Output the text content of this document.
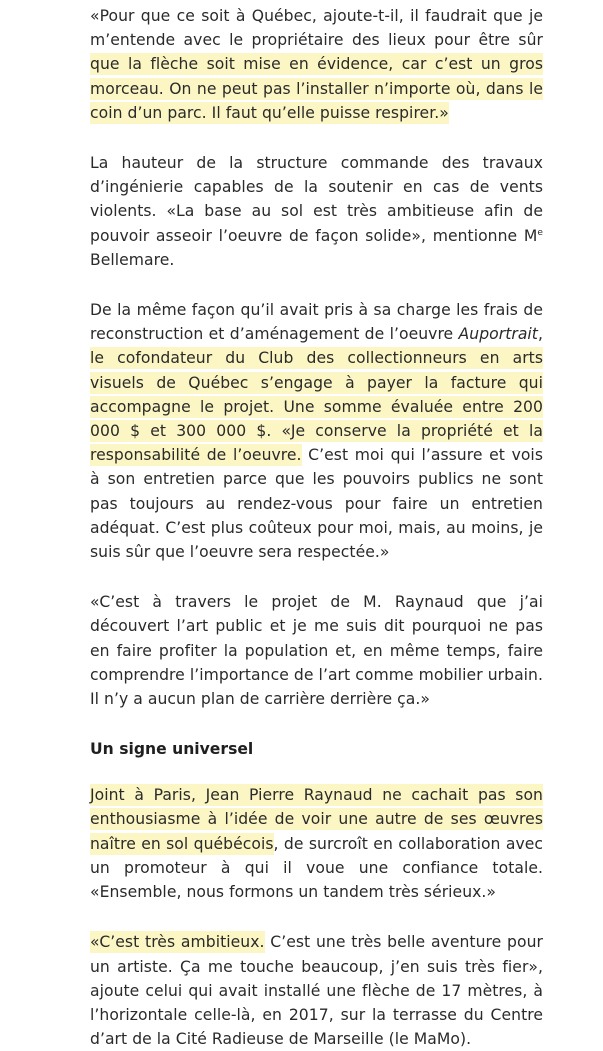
«Pour que ce soit à Québec, ajoute-t-il, il faudrait que je m’entende avec le propriétaire des lieux pour être sûr que la flèche soit mise en évidence, car c’est un gros morceau. On ne peut pas l’installer n’importe où, dans le coin d’un parc. Il faut qu’elle puisse respirer.»

La hauteur de la structure commande des travaux d’ingénierie capables de la soutenir en cas de vents violents. «La base au sol est très ambitieuse afin de pouvoir asseoir l’oeuvre de façon solide», mentionne Me Bellemare.

De la même façon qu’il avait pris à sa charge les frais de reconstruction et d’aménagement de l’oeuvre Auportrait, le cofondateur du Club des collectionneurs en arts visuels de Québec s’engage à payer la facture qui accompagne le projet. Une somme évaluée entre 200 000 $ et 300 000 $. «Je conserve la propriété et la responsabilité de l’oeuvre. C’est moi qui l’assure et vois à son entretien parce que les pouvoirs publics ne sont pas toujours au rendez-vous pour faire un entretien adéquat. C’est plus coûteux pour moi, mais, au moins, je suis sûr que l’oeuvre sera respectée.»

«C’est à travers le projet de M. Raynaud que j’ai découvert l’art public et je me suis dit pourquoi ne pas en faire profiter la population et, en même temps, faire comprendre l’importance de l’art comme mobilier urbain. Il n’y a aucun plan de carrière derrière ça.»

Un signe universel

Joint à Paris, Jean Pierre Raynaud ne cachait pas son enthousiasme à l’idée de voir une autre de ses œuvres naître en sol québécois, de surcroît en collaboration avec un promoteur à qui il voue une confiance totale. «Ensemble, nous formons un tandem très sérieux.»

«C’est très ambitieux. C’est une très belle aventure pour un artiste. Ça me touche beaucoup, j’en suis très fier», ajoute celui qui avait installé une flèche de 17 mètres, à l’horizontale celle-là, en 2017, sur la terrasse du Centre d’art de la Cité Radieuse de Marseille (le MaMo).
